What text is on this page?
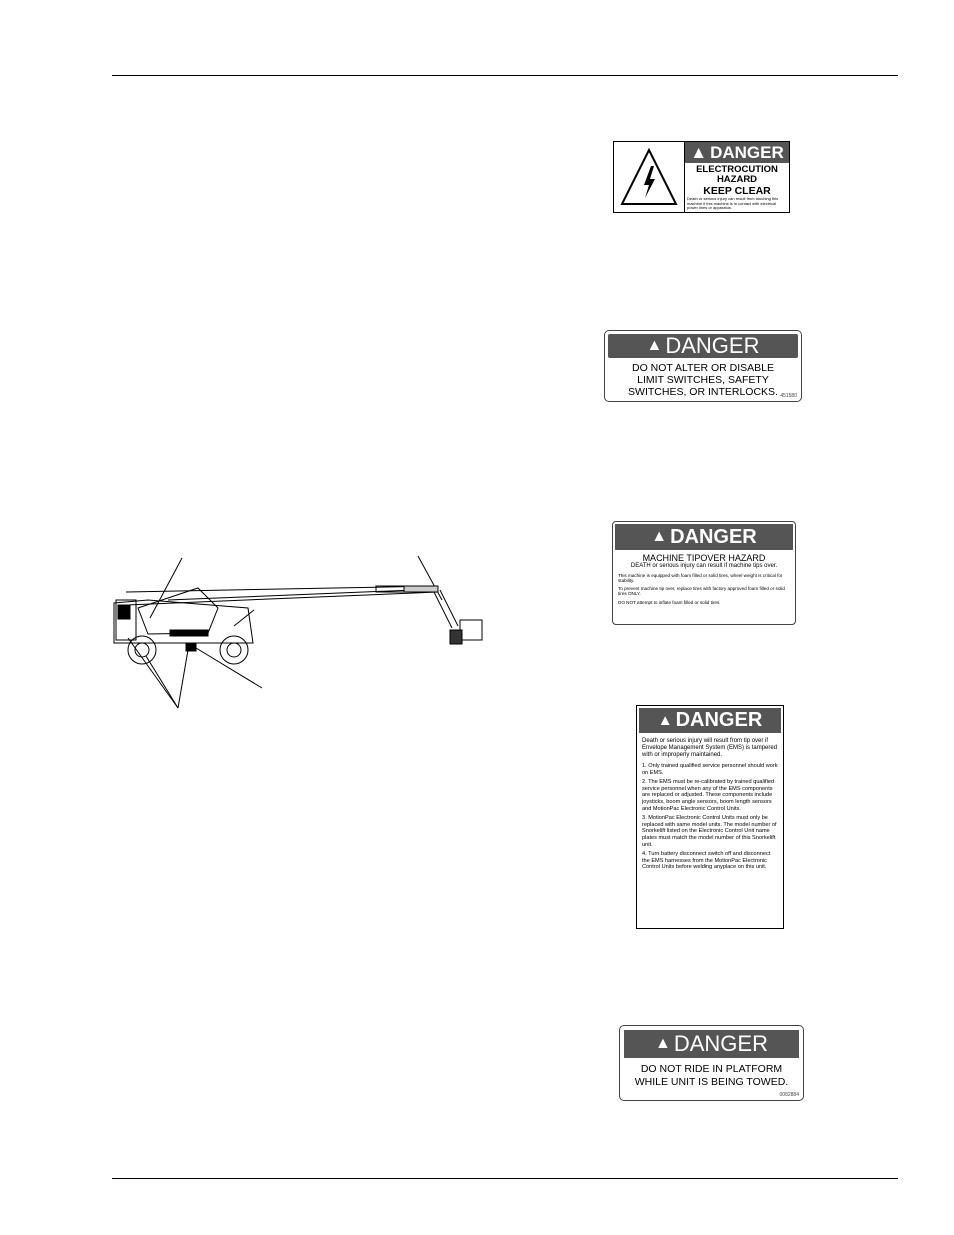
▲ DANGER
ELECTROCUTION
HAZARD
KEEP CLEAR
Death or serious injury can result from touching this machine if this machine is in contact with electrical power lines or apparatus.
▲ DANGER
DO NOT ALTER OR DISABLE
LIMIT SWITCHES, SAFETY
SWITCHES, OR INTERLOCKS. 451580
▲ DANGER
MACHINE TIPOVER HAZARD
DEATH or serious injury can result if machine tips over.
This machine is equipped with foam filled or solid tires, wheel weight is critical for stability.
To prevent machine tip over, replace tires with factory approved foam filled or solid tires ONLY.
DO NOT attempt to inflate foam filled or solid tires.
▲ DANGER
Death or serious injury will result from tip over if Envelope Management System (EMS) is tampered with or improperly maintained.
1. Only trained qualified service personnel should work on EMS.
2. The EMS must be re-calibrated by trained qualified service personnel when any of the EMS components are replaced or adjusted. These components include joysticks, boom angle sensors, boom length sensors and MotionPac Electronic Control Units.
3. MotionPac Electronic Control Units must only be replaced with same model units. The model number of Snorkelift listed on the Electronic Control Unit name plates must match the model number of this Snorkelift unit.
4. Turn battery disconnect switch off and disconnect the EMS harnesses from the MotionPac Electronic Control Units before welding anyplace on this unit.
▲ DANGER
DO NOT RIDE IN PLATFORM
WHILE UNIT IS BEING TOWED.
0082884
